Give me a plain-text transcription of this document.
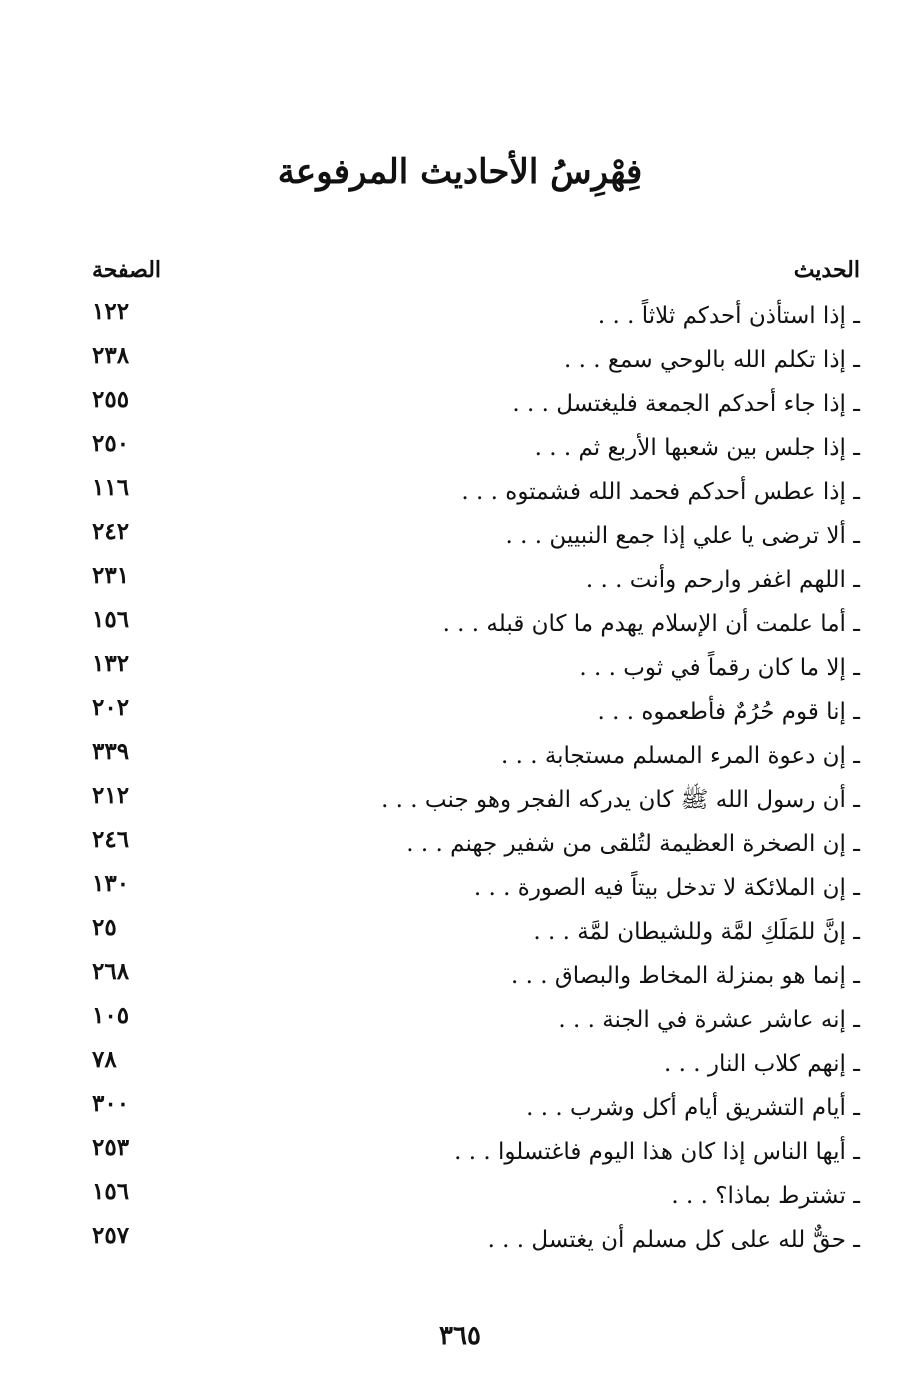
فِهْرِسُ الأحاديث المرفوعة
الحديث
الصفحة
ـ إذا استأذن أحدكم ثلاثاً . . .
١٢٢
ـ إذا تكلم الله بالوحي سمع . . .
٢٣٨
ـ إذا جاء أحدكم الجمعة فليغتسل . . .
٢٥٥
ـ إذا جلس بين شعبها الأربع ثم . . .
٢٥٠
ـ إذا عطس أحدكم فحمد الله فشمتوه . . .
١١٦
ـ ألا ترضى يا علي إذا جمع النبيين . . .
٢٤٢
ـ اللهم اغفر وارحم وأنت . . .
٢٣١
ـ أما علمت أن الإسلام يهدم ما كان قبله . . .
١٥٦
ـ إلا ما كان رقماً في ثوب . . .
١٣٢
ـ إنا قوم حُرُمٌ فأطعموه . . .
٢٠٢
ـ إن دعوة المرء المسلم مستجابة . . .
٣٣٩
ـ أن رسول الله ﷺ كان يدركه الفجر وهو جنب . . .
٢١٢
ـ إن الصخرة العظيمة لتُلقى من شفير جهنم . . .
٢٤٦
ـ إن الملائكة لا تدخل بيتاً فيه الصورة . . .
١٣٠
ـ إنَّ للمَلَكِ لمَّة وللشيطان لمَّة . . .
٢٥
ـ إنما هو بمنزلة المخاط والبصاق . . .
٢٦٨
ـ إنه عاشر عشرة في الجنة . . .
١٠٥
ـ إنهم كلاب النار . . .
٧٨
ـ أيام التشريق أيام أكل وشرب . . .
٣٠٠
ـ أيها الناس إذا كان هذا اليوم فاغتسلوا . . .
٢٥٣
ـ تشترط بماذا؟ . . .
١٥٦
ـ حقٌّ لله على كل مسلم أن يغتسل . . .
٢٥٧
٣٦٥
